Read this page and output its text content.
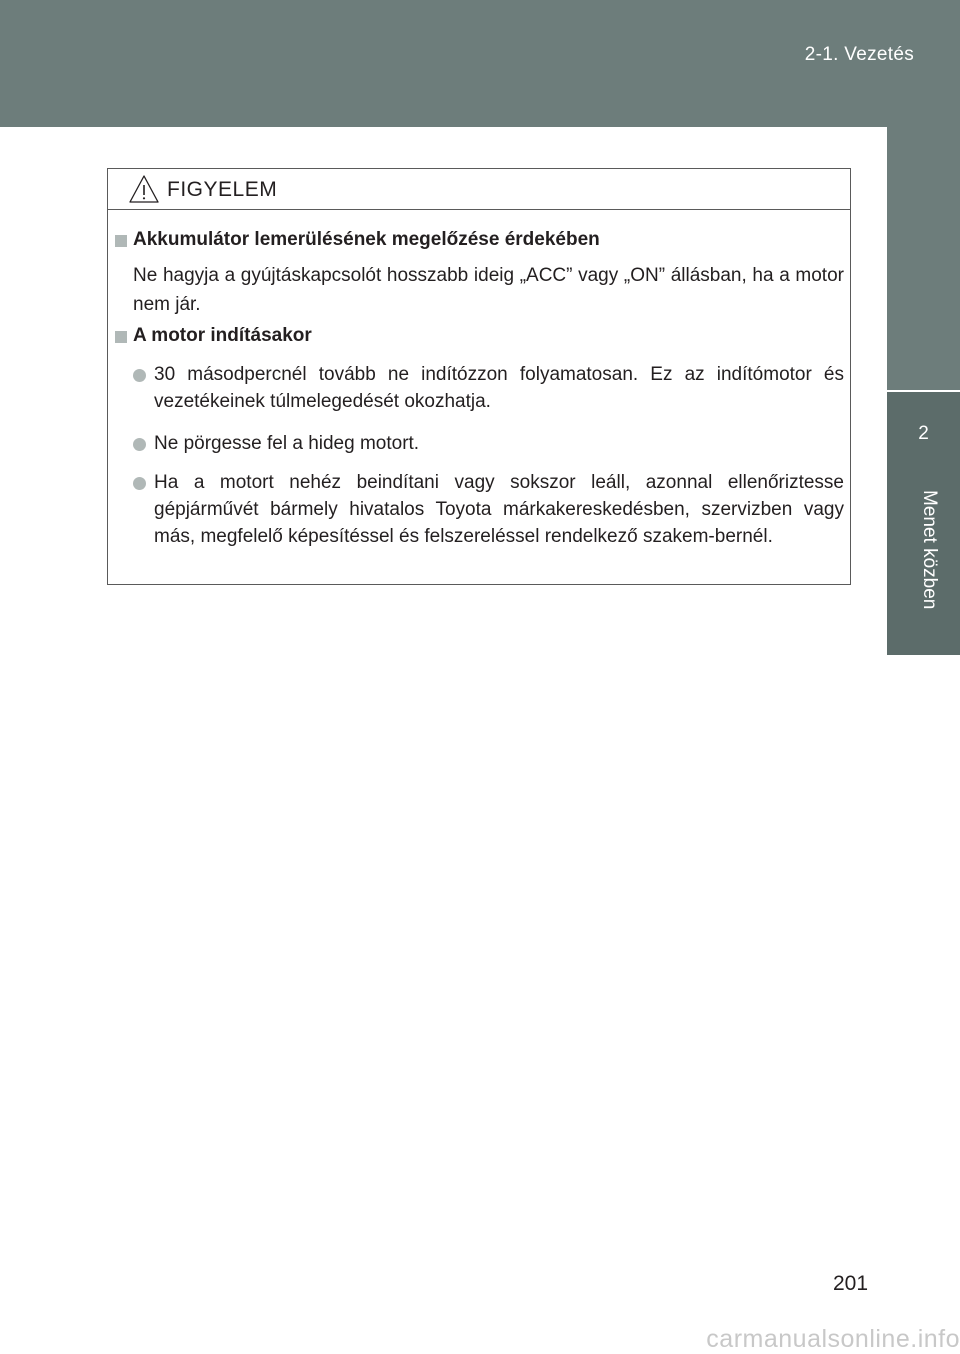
2-1. Vezetés
2
Menet közben
FIGYELEM
Akkumulátor lemerülésének megelőzése érdekében
Ne hagyja a gyújtáskapcsolót hosszabb ideig „ACC” vagy „ON” állásban, ha a motor nem jár.
A motor indításakor
30 másodpercnél tovább ne indítózzon folyamatosan. Ez az indítómotor és vezetékeinek túlmelegedését okozhatja.
Ne pörgesse fel a hideg motort.
Ha a motort nehéz beindítani vagy sokszor leáll, azonnal ellenőriztesse gépjárművét bármely hivatalos Toyota márkakereskedésben, szervizben vagy más, megfelelő képesítéssel és felszereléssel rendelkező szakem-bernél.
201
carmanualsonline.info
